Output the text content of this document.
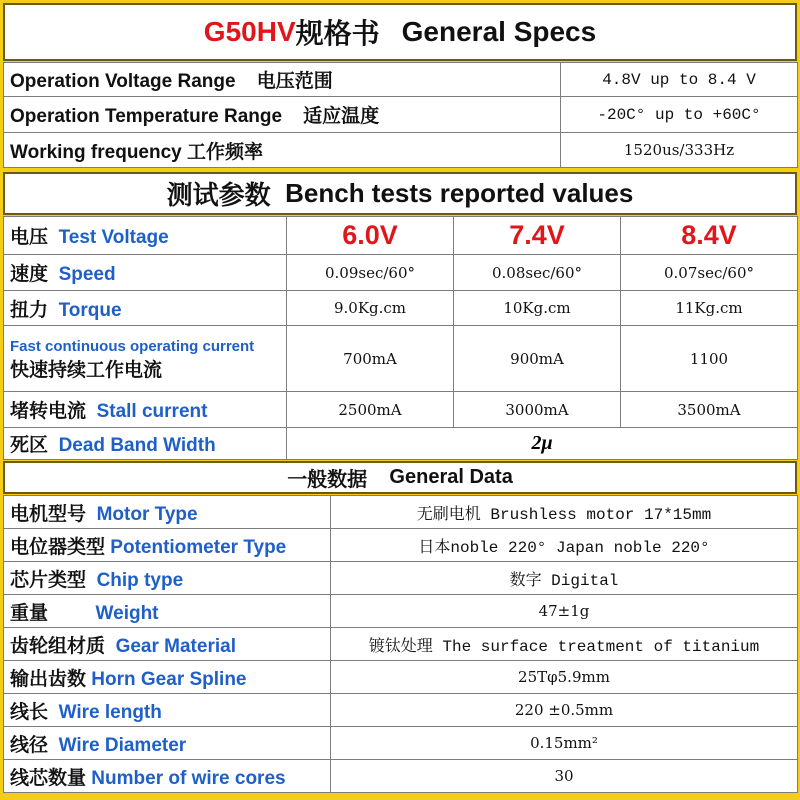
G50HV 规格书 General Specs
Operation Voltage Range 电压范围	4.8V up to 8.4 V
Operation Temperature Range 适应温度	-20C° up to +60C°
Working frequency 工作频率	1520us/333Hz
测试参数
Bench tests reported values
电压 Test Voltage	6.0V	7.4V	8.4V
速度 Speed	0.09sec/60°	0.08sec/60°	0.07sec/60°
扭力 Torque	9.0Kg.cm	10Kg.cm	11Kg.cm

Fast continuous operating current
快速持续工作电流	700mA	900mA	1100
堵转电流 Stall current	2500mA	3000mA	3500mA
死区 Dead Band Width	2μ		
一般数据
General Data
电机型号 Motor Type	无刷电机 Brushless motor 17*15mm
电位器类型 Potentiometer Type	日本noble 220° Japan noble 220°
芯片类型 Chip type	数字 Digital
重量 Weight	47±1g
齿轮组材质 Gear Material	镀钛处理 The surface treatment of titanium
输出齿数 Horn Gear Spline	25Tφ5.9mm
线长 Wire length	220 ±0.5mm
线径 Wire Diameter	0.15mm²
线芯数量 Number of wire cores	30
